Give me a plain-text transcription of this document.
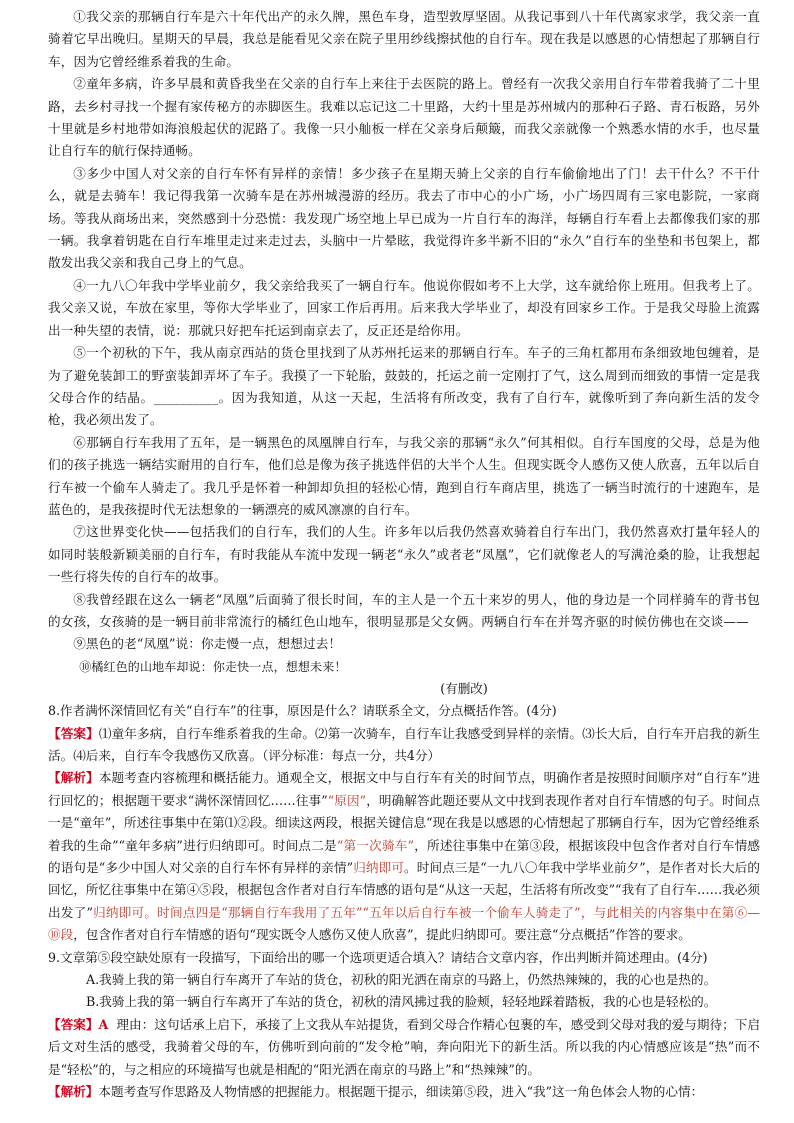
①我父亲的那辆自行车是六十年代出产的永久牌，黑色车身，造型敦厚坚固。从我记事到八十年代离家求学，我父亲一直骑着它早出晚归。星期天的早晨，我总是能看见父亲在院子里用纱线擦拭他的自行车。现在我是以感恩的心情想起了那辆自行车，因为它曾经维系着我的生命。

②童年多病，许多早晨和黄昏我坐在父亲的自行车上来往于去医院的路上。曾经有一次我父亲用自行车带着我骑了二十里路，去乡村寻找一个握有家传秘方的赤脚医生。我难以忘记这二十里路，大约十里是苏州城内的那种石子路、青石板路，另外十里就是乡村地带如海浪般起伏的泥路了。我像一只小舢板一样在父亲身后颠簸，而我父亲就像一个熟悉水情的水手，也尽量让自行车的航行保持通畅。

③多少中国人对父亲的自行车怀有异样的亲情！多少孩子在星期天骑上父亲的自行车偷偷地出了门！去干什么？不干什么，就是去骑车！我记得我第一次骑车是在苏州城漫游的经历。我去了市中心的小广场，小广场四周有三家电影院，一家商场。等我从商场出来，突然感到十分恐慌：我发现广场空地上早已成为一片自行车的海洋，每辆自行车看上去都像我们家的那一辆。我拿着钥匙在自行车堆里走过来走过去，头脑中一片晕眩，我觉得许多半新不旧的“永久”自行车的坐垫和书包架上，都散发出我父亲和我自己身上的气息。

④一九八〇年我中学毕业前夕，我父亲给我买了一辆自行车。他说你假如考不上大学，这车就给你上班用。但我考上了。我父亲又说，车放在家里，等你大学毕业了，回家工作后再用。后来我大学毕业了，却没有回家乡工作。于是我父母脸上流露出一种失望的表情，说：那就只好把车托运到南京去了，反正还是给你用。

⑤一个初秋的下午，我从南京西站的货仓里找到了从苏州托运来的那辆自行车。车子的三角杠都用布条细致地包缠着，是为了避免装卸工的野蛮装卸弄坏了车子。我摸了一下轮胎，鼓鼓的，托运之前一定刚打了气，这么周到而细致的事情一定是我父母合作的结晶。__________。因为我知道，从这一天起，生活将有所改变，我有了自行车，就像听到了奔向新生活的发令枪，我必须出发了。

⑥那辆自行车我用了五年，是一辆黑色的凤凰牌自行车，与我父亲的那辆“永久”何其相似。自行车国度的父母，总是为他们的孩子挑选一辆结实耐用的自行车，他们总是像为孩子挑选伴侣的大半个人生。但现实既令人感伤又使人欣喜，五年以后自行车被一个偷车人骑走了。我几乎是怀着一种卸却负担的轻松心情，跑到自行车商店里，挑选了一辆当时流行的十速跑车，是蓝色的，是我孩提时代无法想象的一辆漂亮的威风凛凛的自行车。

⑦这世界变化快——包括我们的自行车，我们的人生。许多年以后我仍然喜欢骑着自行车出门，我仍然喜欢打量年轻人的如同时装般新颖美丽的自行车，有时我能从车流中发现一辆老“永久”或者老“凤凰”，它们就像老人的写满沧桑的脸，让我想起一些行将失传的自行车的故事。

⑧我曾经跟在这么一辆老“凤凰”后面骑了很长时间，车的主人是一个五十来岁的男人，他的身边是一个同样骑车的背书包的女孩，女孩骑的是一辆目前非常流行的橘红色山地车，很明显那是父女俩。两辆自行车在并驾齐驱的时候仿佛也在交谈——

⑨黑色的老“凤凰”说：你走慢一点，想想过去！

⑩橘红色的山地车却说：你走快一点，想想未来！

(有删改)

8.作者满怀深情回忆有关“自行车”的往事，原因是什么？请联系全文，分点概括作答。(4分)

【答案】⑴童年多病，自行车维系着我的生命。⑵第一次骑车，自行车让我感受到异样的亲情。⑶长大后，自行车开启我的新生活。⑷后来，自行车令我感伤又欣喜。（评分标准：每点一分，共4分）

【解析】本题考查内容梳理和概括能力。通观全文，根据文中与自行车有关的时间节点，明确作者是按照时间顺序对“自行车”进行回忆的；根据题干要求“满怀深情回忆……往事”“原因”，明确解答此题还要从文中找到表现作者对自行车情感的句子。时间点一是“童年”，所述往事集中在第⑴②段。细读这两段，根据关键信息“现在我是以感恩的心情想起了那辆自行车，因为它曾经维系着我的生命”“童年多病”进行归纳即可。时间点二是“第一次骑车”，所述往事集中在第③段，根据该段中包含作者对自行车情感的语句是“多少中国人对父亲的自行车怀有异样的亲情”归纳即可。时间点三是“一九八〇年我中学毕业前夕”，是作者对长大后的回忆，所忆往事集中在第④⑤段，根据包含作者对自行车情感的语句是“从这一天起，生活将有所改变”“我有了自行车……我必须出发了”归纳即可。时间点四是“那辆自行车我用了五年”“五年以后自行车被一个偷车人骑走了”，与此相关的内容集中在第⑥—⑩段，包含作者对自行车情感的语句“现实既令人感伤又使人欣喜”，提此归纳即可。要注意“分点概括”作答的要求。

9.文章第⑤段空缺处原有一段描写，下面给出的哪一个选项更适合填入？请结合文章内容，作出判断并简述理由。(4分)

A.我骑上我的第一辆自行车离开了车站的货仓，初秋的阳光洒在南京的马路上，仍然热辣辣的，我的心也是热的。

B.我骑上我的第一辆自行车离开了车站的货仓，初秋的清风拂过我的脸颊，轻轻地踩着踏板，我的心也是轻松的。

【答案】A 理由：这句话承上启下，承接了上文我从车站提货，看到父母合作精心包裹的车，感受到父母对我的爱与期待；下启后文对生活的感受，我骑着父母的车，仿佛听到向前的“发令枪”响，奔向阳光下的新生活。所以我的内心情感应该是“热”而不是“轻松”的，与之相应的环境描写也就是相配的“阳光洒在南京的马路上”和“热辣辣”的。

【解析】本题考查写作思路及人物情感的把握能力。根据题干提示，细读第⑤段，进入“我”这一角色体会人物的心情：
